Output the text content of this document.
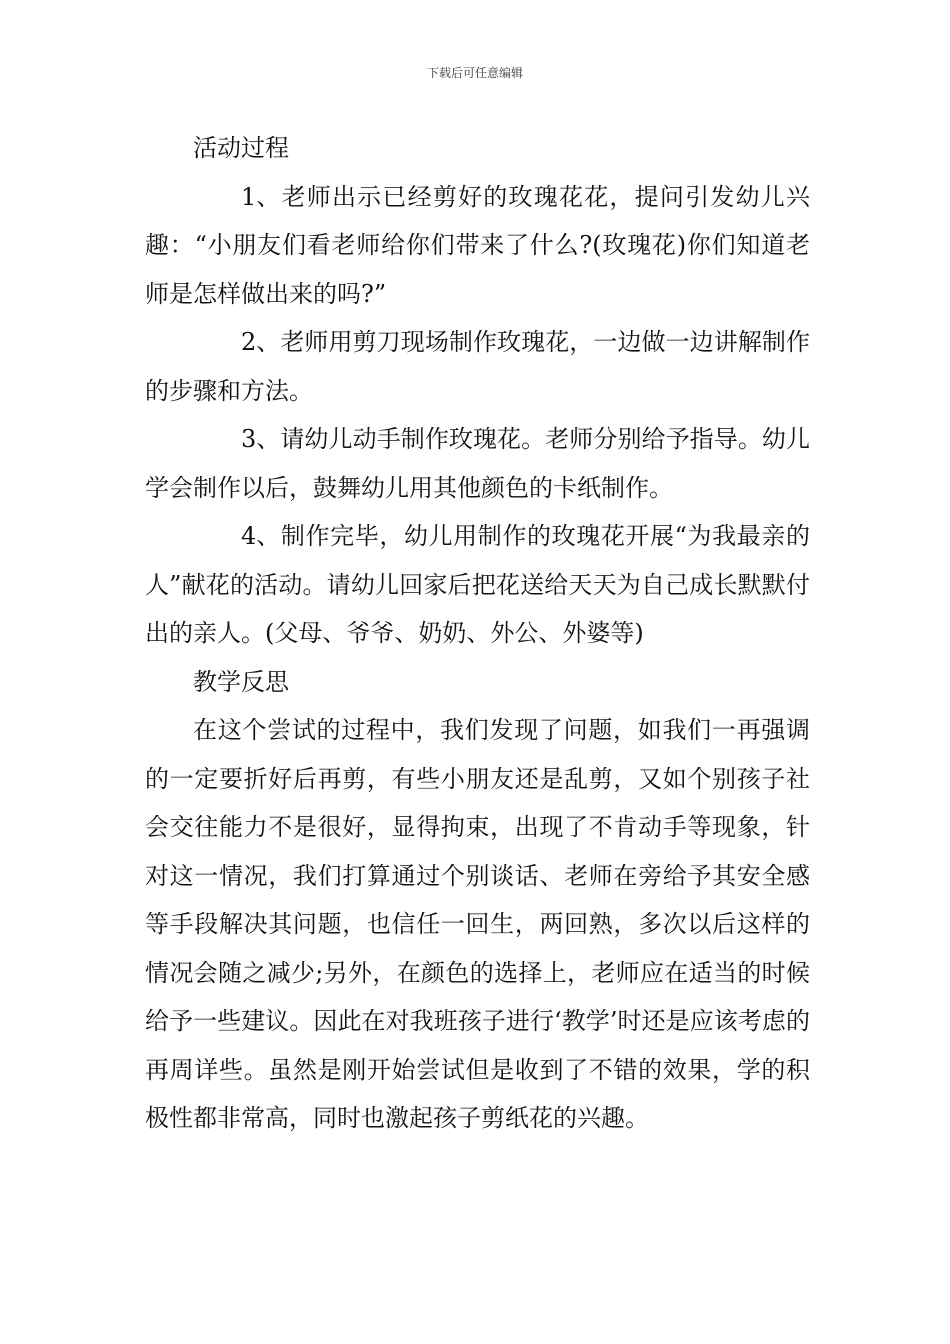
下载后可任意编辑

活动过程

1、老师出示已经剪好的玫瑰花花，提问引发幼儿兴趣：“小朋友们看老师给你们带来了什么?(玫瑰花)你们知道老师是怎样做出来的吗?”

2、老师用剪刀现场制作玫瑰花，一边做一边讲解制作的步骤和方法。

3、请幼儿动手制作玫瑰花。老师分别给予指导。幼儿学会制作以后，鼓舞幼儿用其他颜色的卡纸制作。

4、制作完毕，幼儿用制作的玫瑰花开展“为我最亲的人”献花的活动。请幼儿回家后把花送给天天为自己成长默默付出的亲人。(父母、爷爷、奶奶、外公、外婆等)

教学反思

在这个尝试的过程中，我们发现了问题，如我们一再强调的一定要折好后再剪，有些小朋友还是乱剪，又如个别孩子社会交往能力不是很好，显得拘束，出现了不肯动手等现象，针对这一情况，我们打算通过个别谈话、老师在旁给予其安全感等手段解决其问题，也信任一回生，两回熟，多次以后这样的情况会随之减少;另外，在颜色的选择上，老师应在适当的时候给予一些建议。因此在对我班孩子进行‘教学’时还是应该考虑的再周详些。虽然是刚开始尝试但是收到了不错的效果，学的积极性都非常高，同时也激起孩子剪纸花的兴趣。
